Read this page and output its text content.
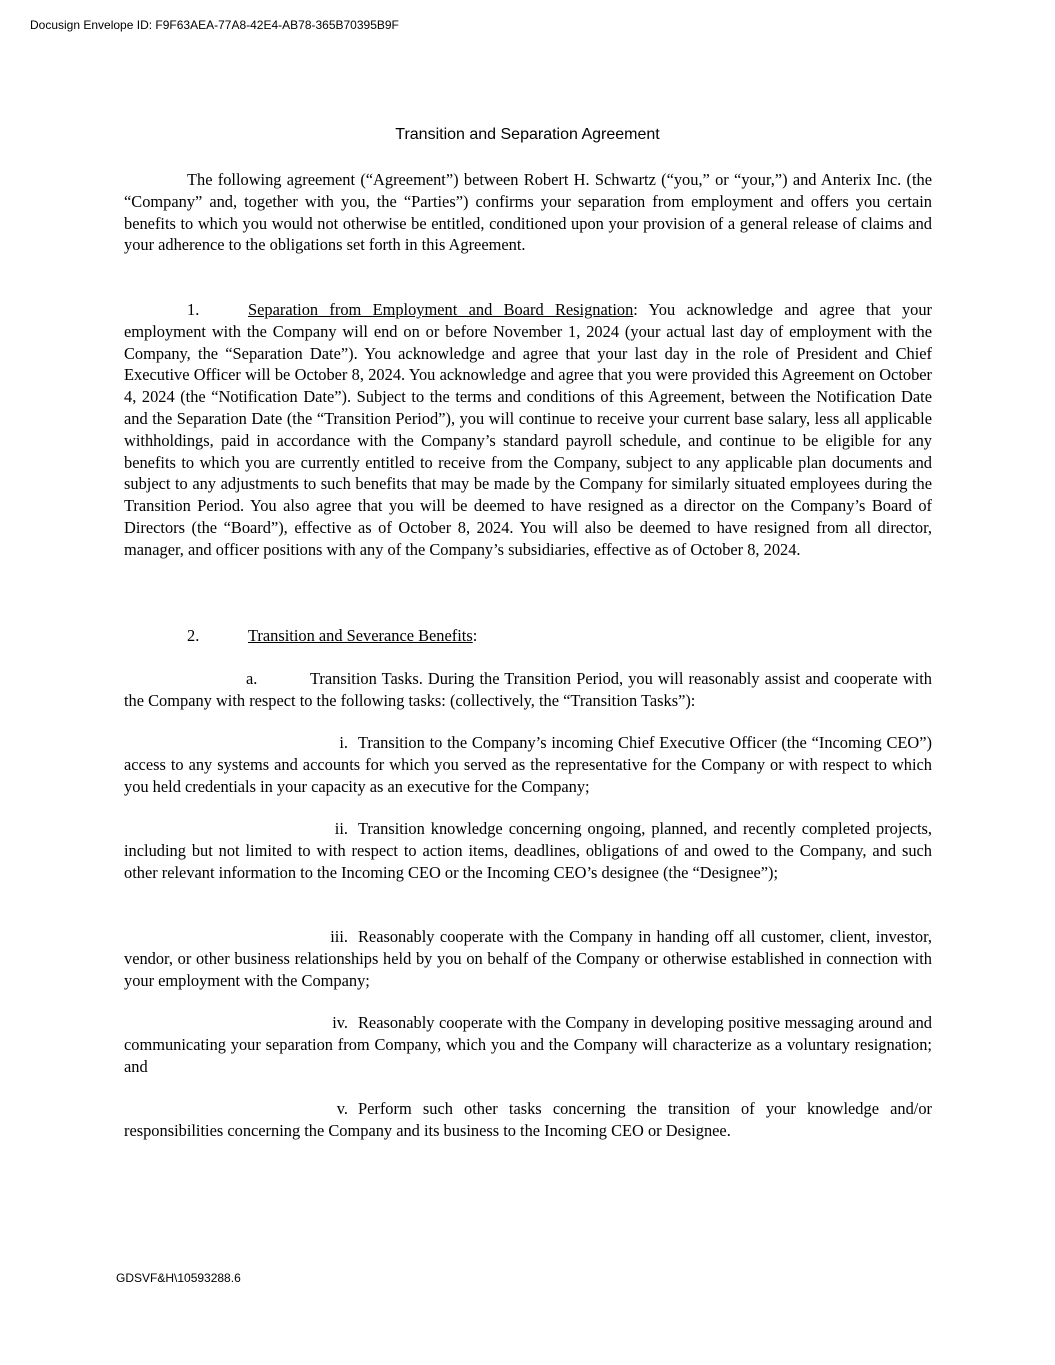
Docusign Envelope ID: F9F63AEA-77A8-42E4-AB78-365B70395B9F
Transition and Separation Agreement

The following agreement (“Agreement”) between Robert H. Schwartz (“you,” or “your,”) and Anterix Inc. (the “Company” and, together with you, the “Parties”) confirms your separation from employment and offers you certain benefits to which you would not otherwise be entitled, conditioned upon your provision of a general release of claims and your adherence to the obligations set forth in this Agreement.

1.	Separation from Employment and Board Resignation: You acknowledge and agree that your employment with the Company will end on or before November 1, 2024 (your actual last day of employment with the Company, the “Separation Date”). You acknowledge and agree that your last day in the role of President and Chief Executive Officer will be October 8, 2024. You acknowledge and agree that you were provided this Agreement on October 4, 2024 (the “Notification Date”). Subject to the terms and conditions of this Agreement, between the Notification Date and the Separation Date (the “Transition Period”), you will continue to receive your current base salary, less all applicable withholdings, paid in accordance with the Company’s standard payroll schedule, and continue to be eligible for any benefits to which you are currently entitled to receive from the Company, subject to any applicable plan documents and subject to any adjustments to such benefits that may be made by the Company for similarly situated employees during the Transition Period. You also agree that you will be deemed to have resigned as a director on the Company’s Board of Directors (the “Board”), effective as of October 8, 2024. You will also be deemed to have resigned from all director, manager, and officer positions with any of the Company’s subsidiaries, effective as of October 8, 2024.

2.	Transition and Severance Benefits:

a.	Transition Tasks. During the Transition Period, you will reasonably assist and cooperate with the Company with respect to the following tasks: (collectively, the “Transition Tasks”):

i. Transition to the Company’s incoming Chief Executive Officer (the “Incoming CEO”) access to any systems and accounts for which you served as the representative for the Company or with respect to which you held credentials in your capacity as an executive for the Company;

ii. Transition knowledge concerning ongoing, planned, and recently completed projects, including but not limited to with respect to action items, deadlines, obligations of and owed to the Company, and such other relevant information to the Incoming CEO or the Incoming CEO’s designee (the “Designee”);

iii. Reasonably cooperate with the Company in handing off all customer, client, investor, vendor, or other business relationships held by you on behalf of the Company or otherwise established in connection with your employment with the Company;

iv. Reasonably cooperate with the Company in developing positive messaging around and communicating your separation from Company, which you and the Company will characterize as a voluntary resignation; and

v. Perform such other tasks concerning the transition of your knowledge and/or responsibilities concerning the Company and its business to the Incoming CEO or Designee.

GDSVF&H\10593288.6
